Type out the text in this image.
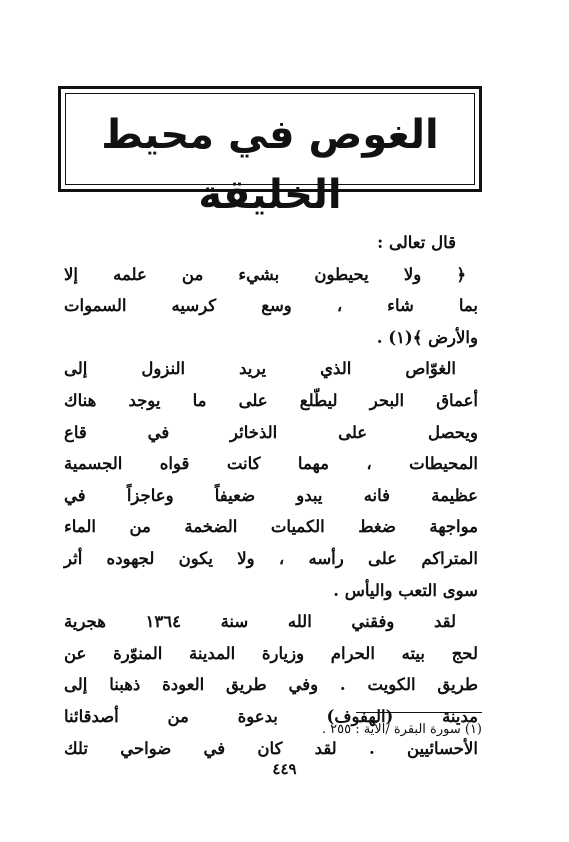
الغوص في محيط الخليقة
قال تعالى :
﴿ ولا يحيطون بشيء من علمه إلا
بما شاء ، وسع كرسيه السموات
والأرض ﴾(١) .
الغوّاص الذي يريد النزول إلى
أعماق البحر ليطّلع على ما يوجد هناك
ويحصل على الذخائر في قاع
المحيطات ، مهما كانت قواه الجسمية
عظيمة فانه يبدو ضعيفاً وعاجزاً في
مواجهة ضغط الكميات الضخمة من الماء
المتراكم على رأسه ، ولا يكون لجهوده أثر
سوى التعب واليأس .
لقد وفقني الله سنة ١٣٦٤ هجرية
لحج بيته الحرام وزيارة المدينة المنوّرة عن
طريق الكويت . وفي طريق العودة ذهبنا إلى
مدينة (الهفوف) بدعوة من أصدقائنا
الأحسائيين . لقد كان في ضواحي تلك
(١) سورة البقرة /الآية : ٢٥٥ .
٤٤٩
